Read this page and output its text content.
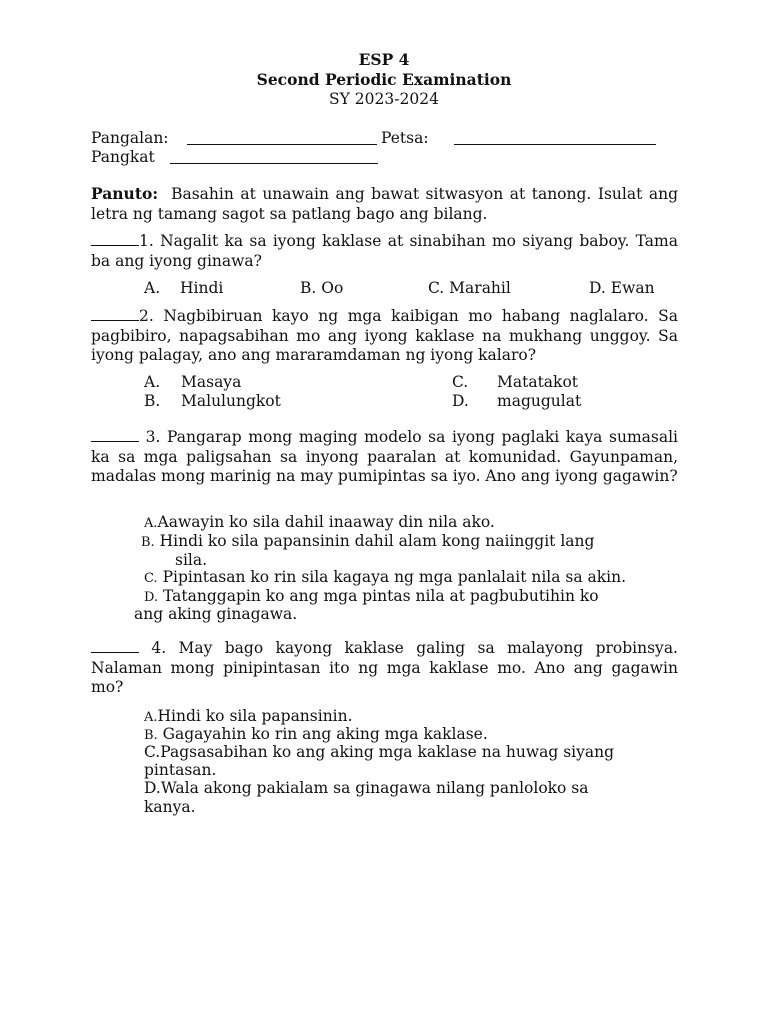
ESP 4
Second Periodic Examination
SY 2023-2024
Pangalan:	Petsa:
Pangkat
Panuto: Basahin at unawain ang bawat sitwasyon at tanong. Isulat ang letra ng tamang sagot sa patlang bago ang bilang.
1. Nagalit ka sa iyong kaklase at sinabihan mo siyang baboy. Tama ba ang iyong ginawa?
A. Hindi	B. Oo	C. Marahil	D. Ewan
2. Nagbibiruan kayo ng mga kaibigan mo habang naglalaro. Sa pagbibiro, napagsabihan mo ang iyong kaklase na mukhang unggoy. Sa iyong palagay, ano ang mararamdaman ng iyong kalaro?
A. Masaya
B. Malulungkot
C. Matatakot
D. magugulat
3. Pangarap mong maging modelo sa iyong paglaki kaya sumasali ka sa mga paligsahan sa inyong paaralan at komunidad. Gayunpaman, madalas mong marinig na may pumipintas sa iyo. Ano ang iyong gagawin?
A.Aawayin ko sila dahil inaaway din nila ako.
B. Hindi ko sila papansinin dahil alam kong naiinggit lang
sila.
C. Pipintasan ko rin sila kagaya ng mga panlalait nila sa akin.
D. Tatanggapin ko ang mga pintas nila at pagbubutihin ko
ang aking ginagawa.
4. May bago kayong kaklase galing sa malayong probinsya. Nalaman mong pinipintasan ito ng mga kaklase mo. Ano ang gagawin mo?
A.Hindi ko sila papansinin.
B. Gagayahin ko rin ang aking mga kaklase.
C.Pagsasabihan ko ang aking mga kaklase na huwag siyang
pintasan.
D.Wala akong pakialam sa ginagawa nilang panloloko sa
kanya.
